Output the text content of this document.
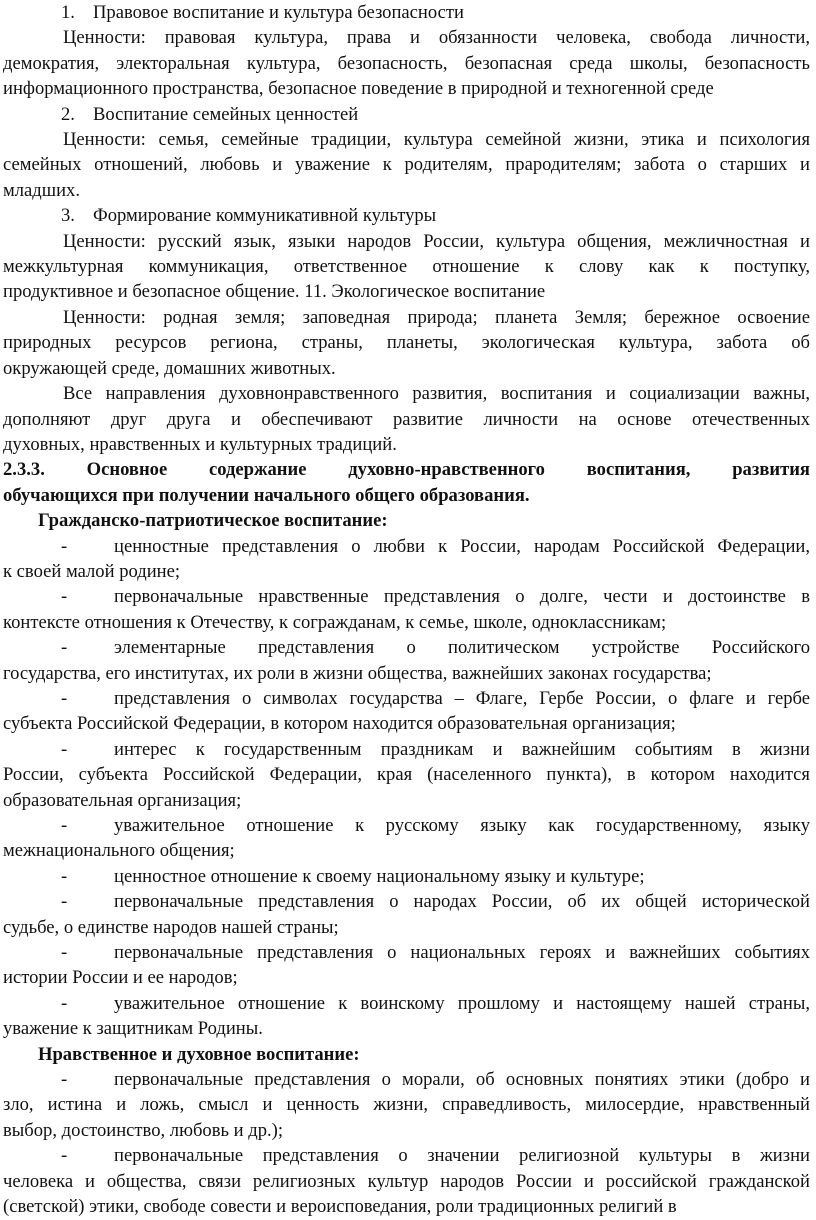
1. Правовое воспитание и культура безопасности

Ценности: правовая культура, права и обязанности человека, свобода личности,

демократия, электоральная культура, безопасность, безопасная среда школы, безопасность

информационного пространства, безопасное поведение в природной и техногенной среде

2. Воспитание семейных ценностей

Ценности: семья, семейные традиции, культура семейной жизни, этика и психология

семейных отношений, любовь и уважение к родителям, прародителям; забота о старших и

младших.

3. Формирование коммуникативной культуры

Ценности: русский язык, языки народов России, культура общения, межличностная и

межкультурная коммуникация, ответственное отношение к слову как к поступку,

продуктивное и безопасное общение. 11. Экологическое воспитание

Ценности: родная земля; заповедная природа; планета Земля; бережное освоение

природных ресурсов региона, страны, планеты, экологическая культура, забота об

окружающей среде, домашних животных.

Все направления духовнонравственного развития, воспитания и социализации важны,

дополняют друг друга и обеспечивают развитие личности на основе отечественных

духовных, нравственных и культурных традиций.

2.3.3. Основное содержание духовно-нравственного воспитания, развития

обучающихся при получении начального общего образования.

Гражданско-патриотическое воспитание:

-	ценностные представления о любви к России, народам Российской Федерации,

к своей малой родине;

-	первоначальные нравственные представления о долге, чести и достоинстве в

контексте отношения к Отечеству, к согражданам, к семье, школе, одноклассникам;

-	элементарные представления о политическом устройстве Российского

государства, его институтах, их роли в жизни общества, важнейших законах государства;

-	представления о символах государства – Флаге, Гербе России, о флаге и гербе

субъекта Российской Федерации, в котором находится образовательная организация;

-	интерес к государственным праздникам и важнейшим событиям в жизни

России, субъекта Российской Федерации, края (населенного пункта), в котором находится

образовательная организация;

-	уважительное отношение к русскому языку как государственному, языку

межнационального общения;

-	ценностное отношение к своему национальному языку и культуре;

-	первоначальные представления о народах России, об их общей исторической

судьбе, о единстве народов нашей страны;

-	первоначальные представления о национальных героях и важнейших событиях

истории России и ее народов;

-	уважительное отношение к воинскому прошлому и настоящему нашей страны,

уважение к защитникам Родины.

Нравственное и духовное воспитание:

-	первоначальные представления о морали, об основных понятиях этики (добро и

зло, истина и ложь, смысл и ценность жизни, справедливость, милосердие, нравственный

выбор, достоинство, любовь и др.);

-	первоначальные представления о значении религиозной культуры в жизни

человека и общества, связи религиозных культур народов России и российской гражданской

(светской) этики, свободе совести и вероисповедания, роли традиционных религий в
